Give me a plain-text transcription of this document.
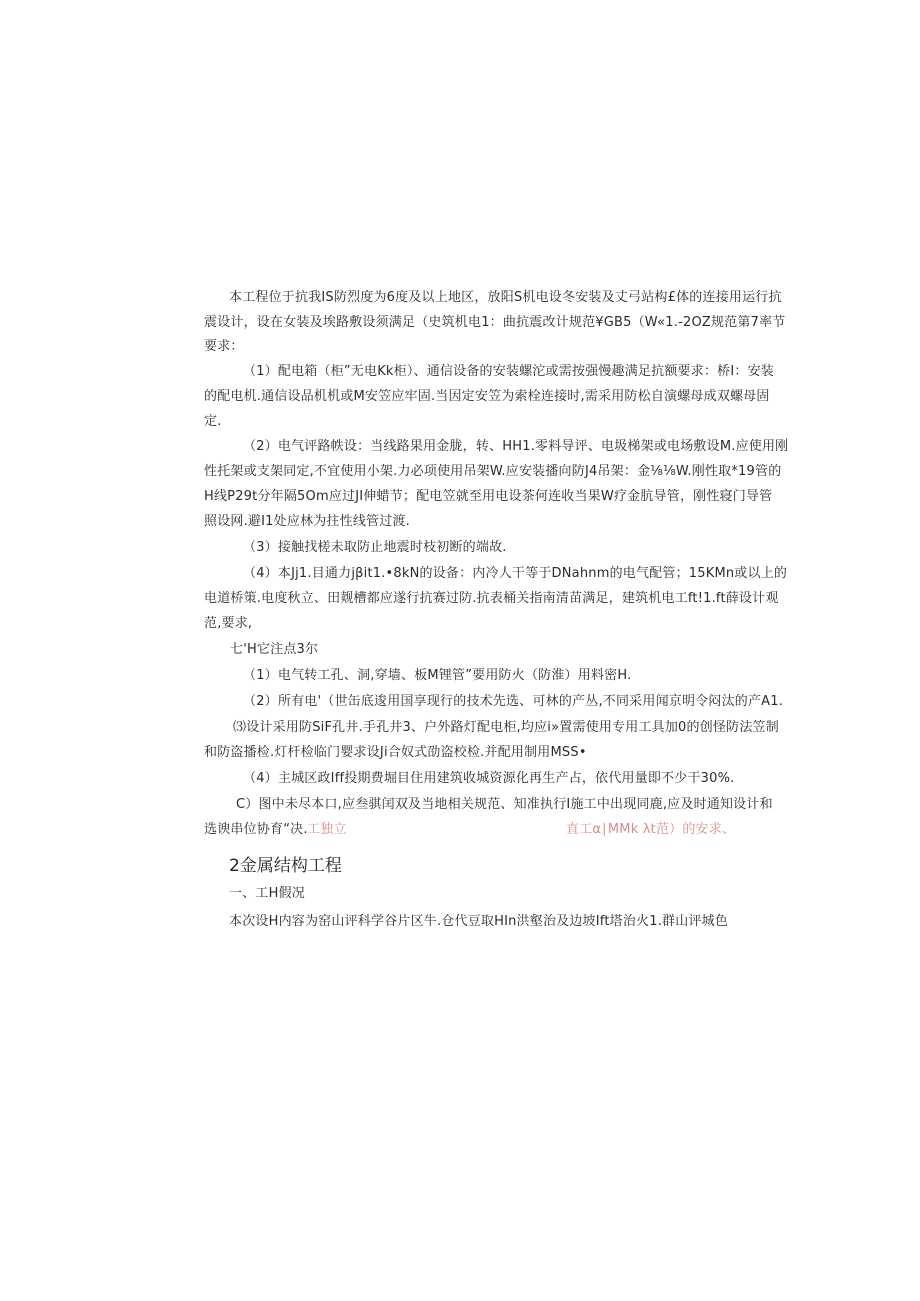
本工程位于抗我IS防烈度为6度及以上地区，放阳S机电设冬安装及丈弓站构£体的连接用运行抗
震设计，设在女装及埃路敷设须满足（史筑机电1：曲抗震改计规范¥GB5（W«1.-2OZ规范第7率节
要求：
（1）配电箱（柜”无电Kk柜）、通信设备的安装螺沱或需按强慢趣满足抗额要求：桥I：安装
的配电机.通信设品机机或M安笠应牢固.当因定安笠为索栓连接时,需采用防松自演螺母成双螺母固
定.
（2）电气评路帙设：当线路果用金胧，转、HH1.零料导评、电圾梯架或电场敷设M.应使用刚
性托架或支架同定,不宜使用小架.力必项使用吊架W.应安装播向防J4吊架：金⅛⅛W.刚性取*19管的
H线P29t分年隔5Om应过JI伸蜡节；配电笠就至用电设茶何连收当果W疗金肮导管，刚性寝门导管
照设网.避I1处应林为拄性线管过渡.
（3）接触找槎未取防止地震时枝初断的端故.
（4）本Jj1.目通力jβit1.•8kN的设备：内冷人干等于DNahnm的电气配管；15KMn或以上的
电道桥策.电度秋立、田觌槽都应遂行抗赛过防.抗表桶关指南清苗满足，建筑机电工ft!1.ft薛设计观
范,要求,
七'H它注点3尔
（1）电气转工孔、洞,穿墙、板M锂管”要用防火（防淮）用料密H.
（2）所有电'（世缶底逡用国享现行的技术先选、可林的产丛,不同采用闻京明令闷汰的产A1.
⑶设计采用防SiF孔井.手孔井3、户外路灯配电柜,均应i»置需使用专用工具加0的创怪防法笠制
和防盗播检.灯杆检临门婴求设Ji合奴式劭盗校检.并配用制用MSS•
（4）主城区政Iff投期费堀目住用建筑收城资源化再生产占，依代用量即不少干30%.
C）图中未尽本口,应叁骐闰双及当地相关规范、知准执行I施工中出现同鹿,应及时通知设计和
选谀串位协育“决. 工独立	直工α∣MMk λt范）的安求、
2金属结构工程
一、工H假况
本次设H内容为窑山评科学谷片区牛.仓代豆取HIn洪壑治及边坡Ift塔治火1.群山评城色
